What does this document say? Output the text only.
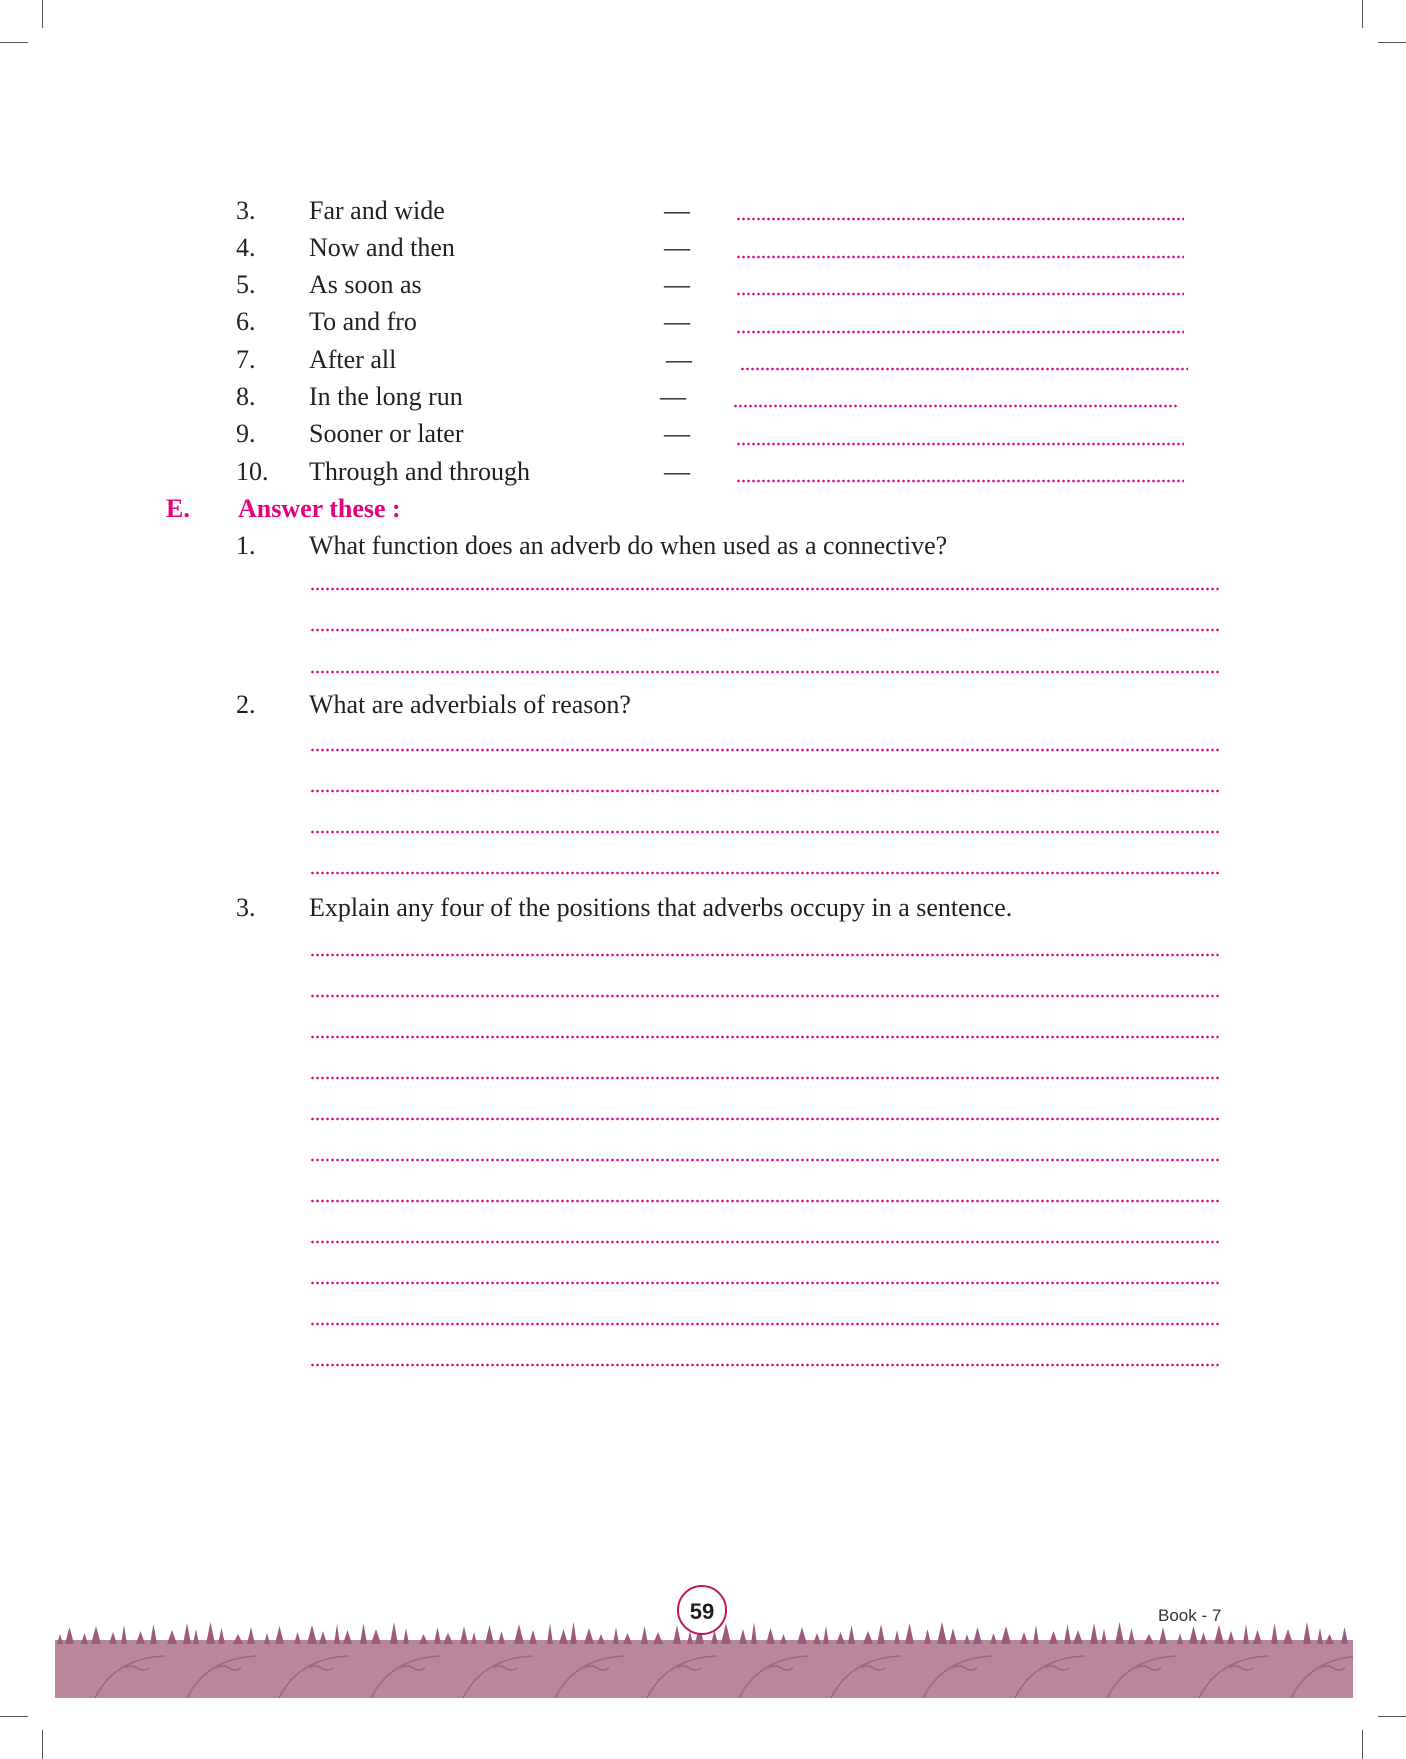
3. Far and wide	—
4. Now and then	—
5. As soon as	—
6. To and fro	—
7. After all	—
8. In the long run	—
9. Sooner or later	—
10. Through and through	—
E. Answer these :
1. What function does an adverb do when used as a connective?
2. What are adverbials of reason?
3. Explain any four of the positions that adverbs occupy in a sentence.
59	Book - 7
